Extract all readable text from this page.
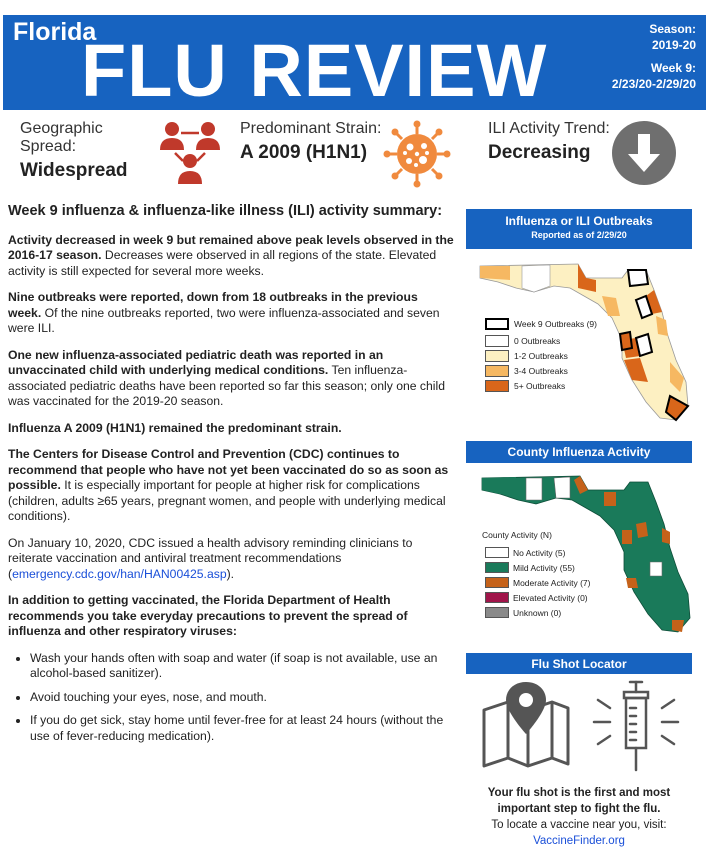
Florida
FLU REVIEW	Season:
2019-20
Week 9:
2/23/20-2/29/20
Geographic Spread:
Widespread
Predominant Strain:
A 2009 (H1N1)
ILI Activity Trend:
Decreasing
Week 9 influenza & influenza-like illness (ILI) activity summary:

Activity decreased in week 9 but remained above peak levels observed in the 2016-17 season. Decreases were observed in all regions of the state. Elevated activity is still expected for several more weeks.

Nine outbreaks were reported, down from 18 outbreaks in the previous week. Of the nine outbreaks reported, two were influenza-associated and seven were ILI.

One new influenza-associated pediatric death was reported in an unvaccinated child with underlying medical conditions. Ten influenza-associated pediatric deaths have been reported so far this season; only one child was vaccinated for the 2019-20 season.

Influenza A 2009 (H1N1) remained the predominant strain.

The Centers for Disease Control and Prevention (CDC) continues to recommend that people who have not yet been vaccinated do so as soon as possible. It is especially important for people at higher risk for complications (children, adults ≥65 years, pregnant women, and people with underlying medical conditions).

On January 10, 2020, CDC issued a health advisory reminding clinicians to reiterate vaccination and antiviral treatment recommendations (emergency.cdc.gov/han/HAN00425.asp).

In addition to getting vaccinated, the Florida Department of Health recommends you take everyday precautions to prevent the spread of influenza and other respiratory viruses:

• Wash your hands often with soap and water (if soap is not available, use an alcohol-based sanitizer).
• Avoid touching your eyes, nose, and mouth.
• If you do get sick, stay home until fever-free for at least 24 hours (without the use of fever-reducing medication).
Influenza or ILI Outbreaks
Reported as of 2/29/20
Week 9 Outbreaks (9)
0 Outbreaks
1-2 Outbreaks
3-4 Outbreaks
5+ Outbreaks
County Influenza Activity
County Activity (N)
No Activity (5)
Mild Activity (55)
Moderate Activity (7)
Elevated Activity (0)
Unknown (0)
Flu Shot Locator
Your flu shot is the first and most
important step to fight the flu.
To locate a vaccine near you, visit:
VaccineFinder.org
